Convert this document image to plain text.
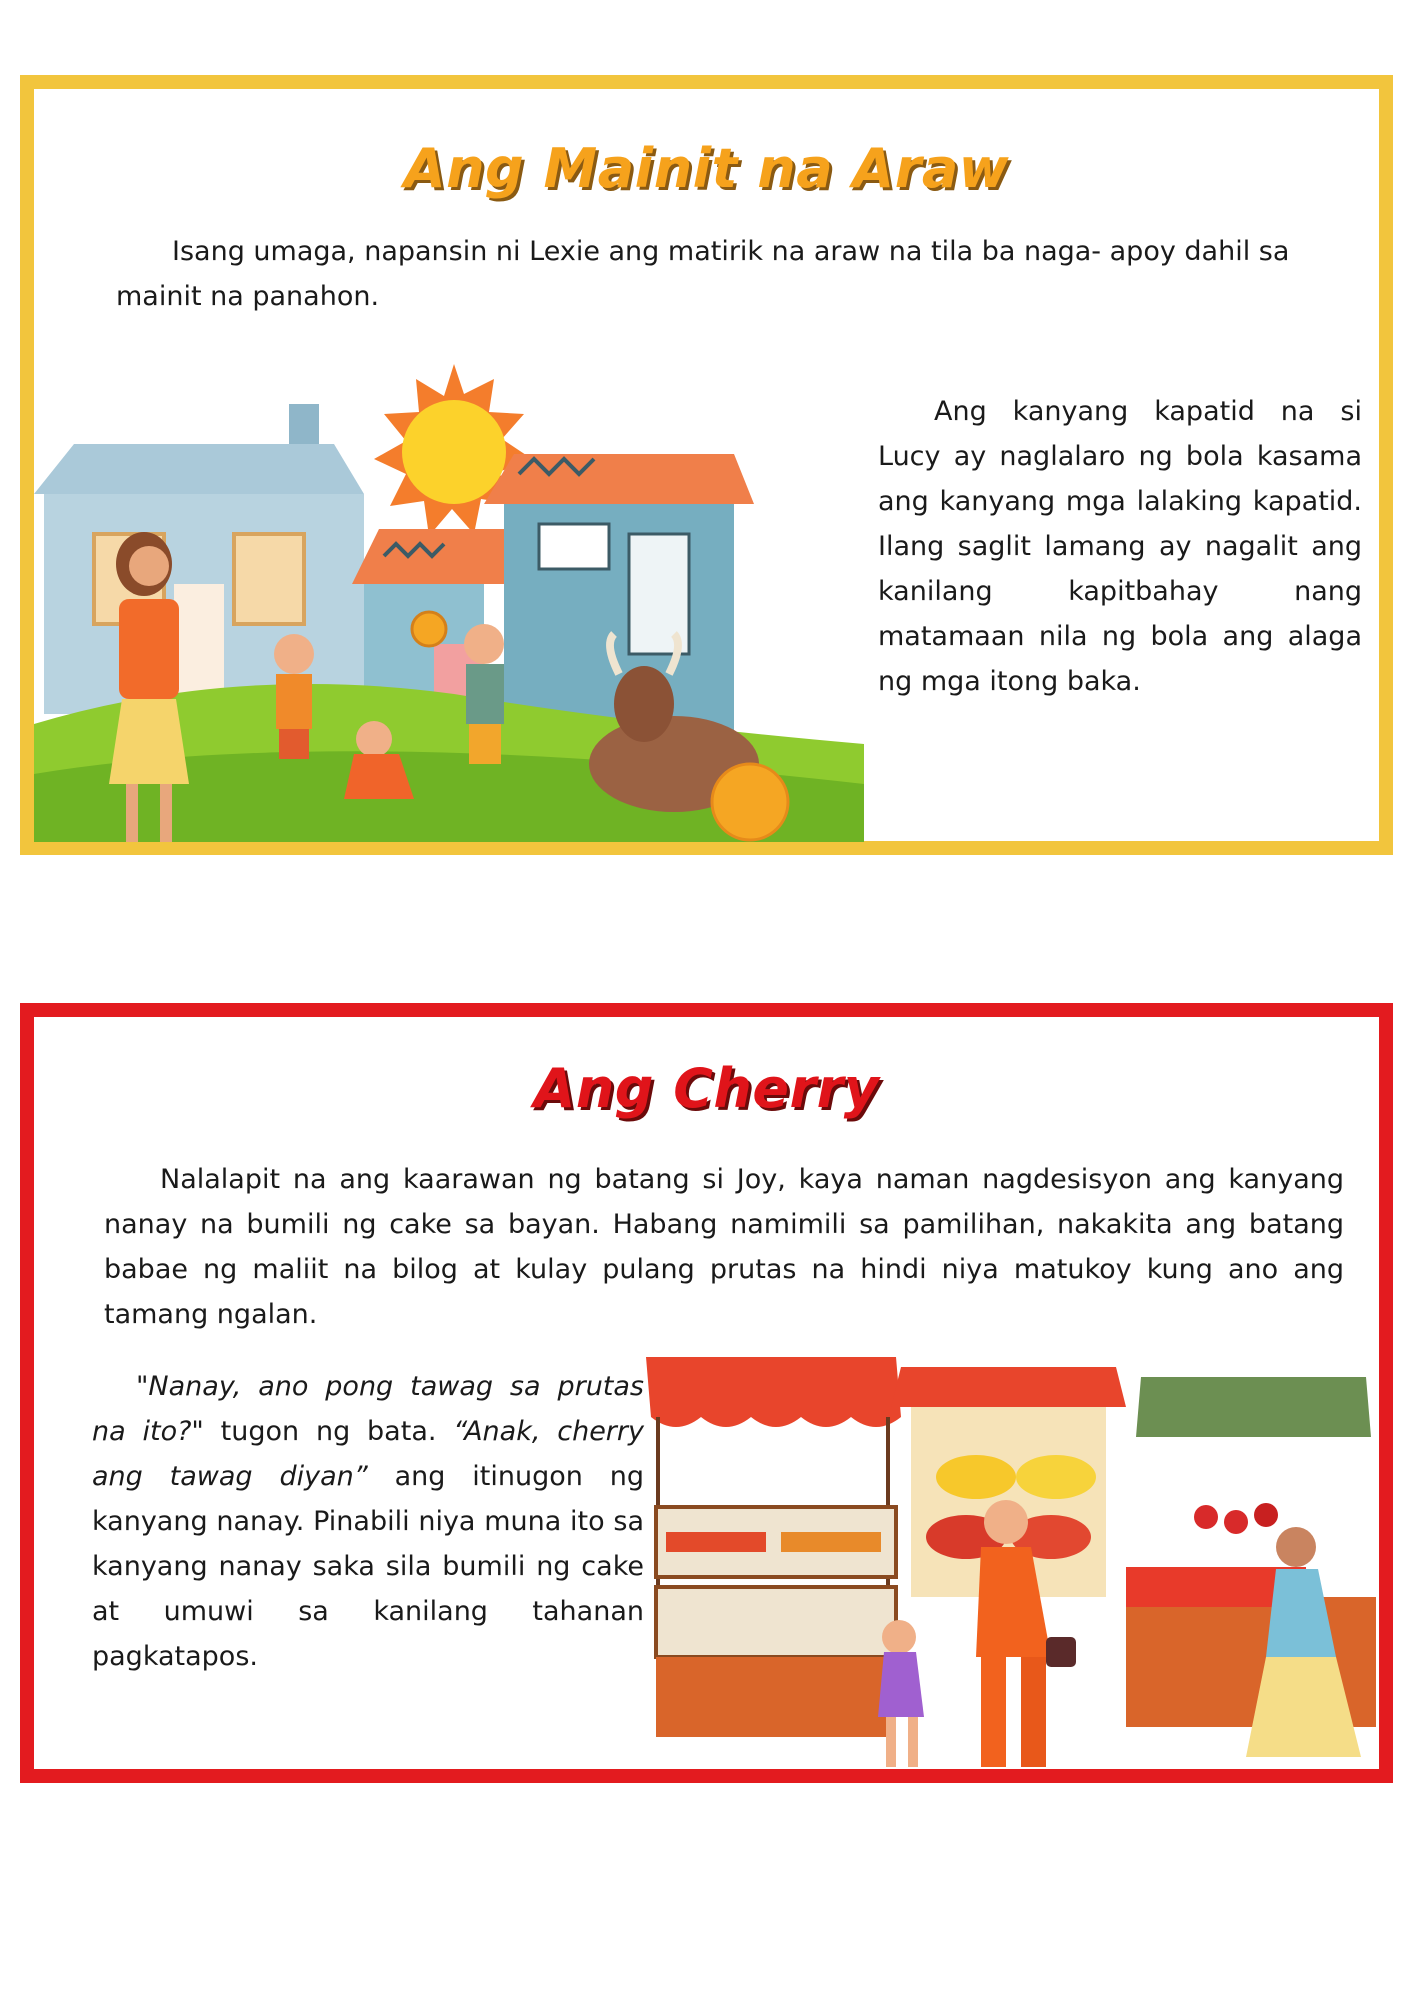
Ang Mainit na Araw
Isang umaga, napansin ni Lexie ang matirik na araw na tila ba naga- apoy dahil sa mainit na panahon.
Ang kanyang kapatid na si Lucy ay naglalaro ng bola kasama ang kanyang mga lalaking kapatid. Ilang saglit lamang ay nagalit ang kanilang kapitbahay nang matamaan nila ng bola ang alaga ng mga itong baka.
Ang Cherry
Nalalapit na ang kaarawan ng batang si Joy, kaya naman nagdesisyon ang kanyang nanay na bumili ng cake sa bayan. Habang namimili sa pamilihan, nakakita ang batang babae ng maliit na bilog at kulay pulang prutas na hindi niya matukoy kung ano ang tamang ngalan.
"Nanay, ano pong tawag sa prutas na ito?" tugon ng bata. “Anak, cherry ang tawag diyan” ang itinugon ng kanyang nanay. Pinabili niya muna ito sa kanyang nanay saka sila bumili ng cake at umuwi sa kanilang tahanan pagkatapos.
